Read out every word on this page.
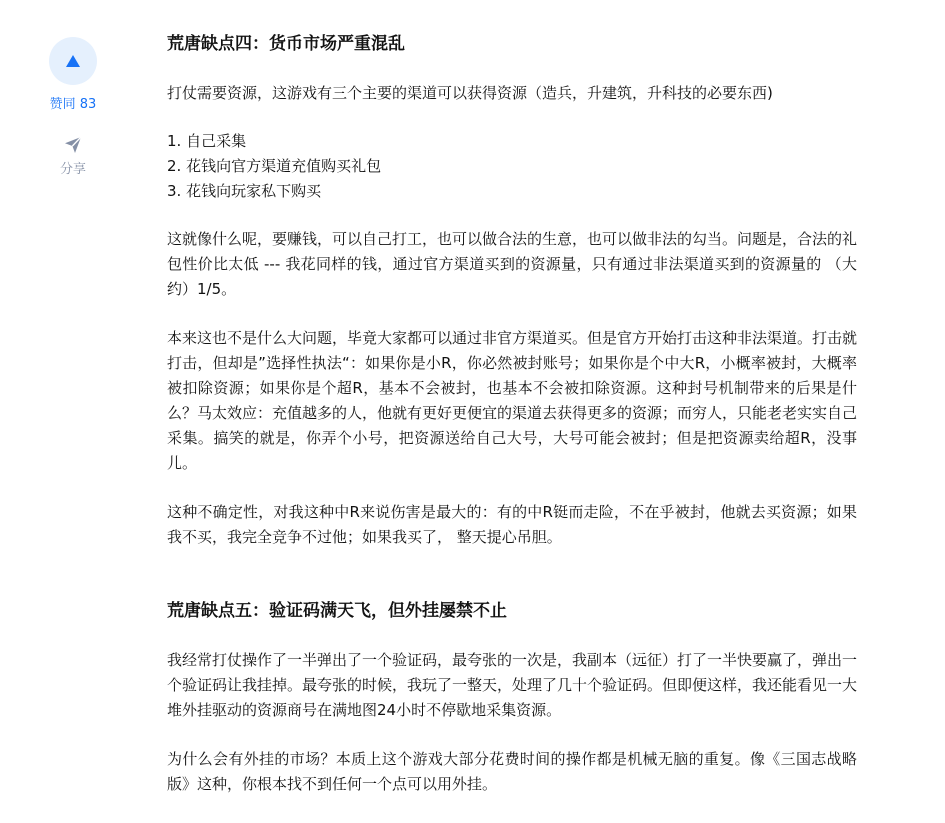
赞同 83
分享
荒唐缺点四：货币市场严重混乱

打仗需要资源，这游戏有三个主要的渠道可以获得资源（造兵，升建筑，升科技的必要东西)

1. 自己采集
2. 花钱向官方渠道充值购买礼包
3. 花钱向玩家私下购买

这就像什么呢，要赚钱，可以自己打工，也可以做合法的生意，也可以做非法的勾当。问题是，合法的礼包性价比太低 --- 我花同样的钱，通过官方渠道买到的资源量，只有通过非法渠道买到的资源量的 （大约）1/5。

本来这也不是什么大问题，毕竟大家都可以通过非官方渠道买。但是官方开始打击这种非法渠道。打击就打击，但却是”选择性执法“：如果你是小R，你必然被封账号；如果你是个中大R，小概率被封，大概率被扣除资源；如果你是个超R，基本不会被封，也基本不会被扣除资源。这种封号机制带来的后果是什么？马太效应：充值越多的人，他就有更好更便宜的渠道去获得更多的资源；而穷人，只能老老实实自己采集。搞笑的就是，你弄个小号，把资源送给自己大号，大号可能会被封；但是把资源卖给超R，没事儿。

这种不确定性，对我这种中R来说伤害是最大的：有的中R铤而走险，不在乎被封，他就去买资源；如果我不买，我完全竞争不过他；如果我买了， 整天提心吊胆。

荒唐缺点五：验证码满天飞，但外挂屡禁不止

我经常打仗操作了一半弹出了一个验证码，最夸张的一次是，我副本（远征）打了一半快要赢了，弹出一个验证码让我挂掉。最夸张的时候，我玩了一整天，处理了几十个验证码。但即便这样，我还能看见一大堆外挂驱动的资源商号在满地图24小时不停歇地采集资源。

为什么会有外挂的市场？本质上这个游戏大部分花费时间的操作都是机械无脑的重复。像《三国志战略版》这种，你根本找不到任何一个点可以用外挂。
